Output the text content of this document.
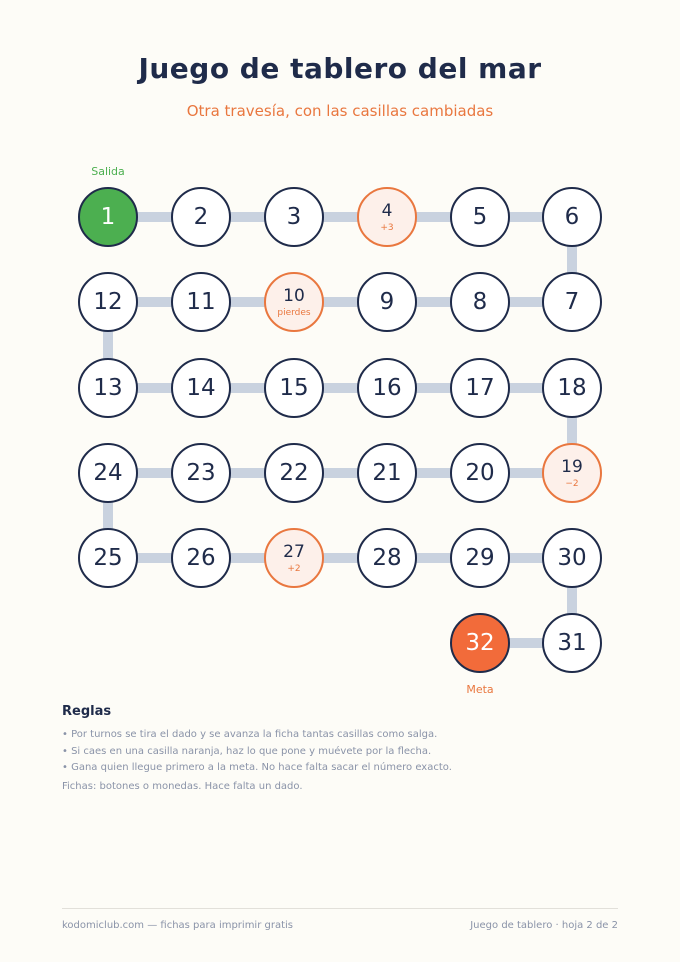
Juego de tablero del mar
Otra travesía, con las casillas cambiadas
1	2	3	4
+3	5	6
7
8
9
10
pierdes
11
12
13	14	15	16	17	18
19
−2
20
21
22
23
24
25	26	27
+2	28	29	30
31
32
Salida
Meta
Reglas
• Por turnos se tira el dado y se avanza la ficha tantas casillas como salga.
• Si caes en una casilla naranja, haz lo que pone y muévete por la flecha.
• Gana quien llegue primero a la meta. No hace falta sacar el número exacto.
Fichas: botones o monedas. Hace falta un dado.
kodomiclub.com — fichas para imprimir gratis	Juego de tablero · hoja 2 de 2
